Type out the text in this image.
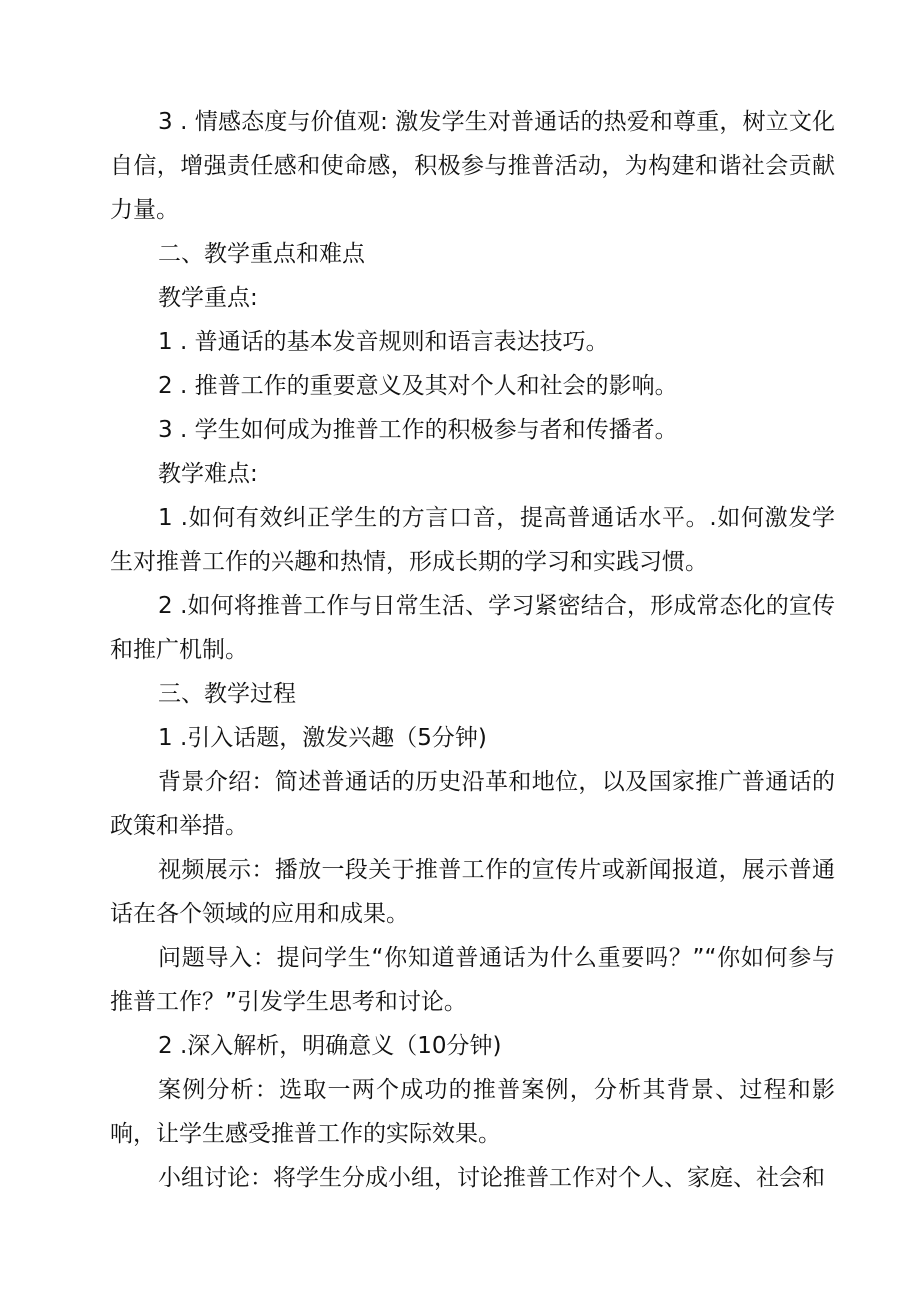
3 . 情感态度与价值观: 激发学生对普通话的热爱和尊重，树立文化自信，增强责任感和使命感，积极参与推普活动，为构建和谐社会贡献力量。

二、教学重点和难点

教学重点:

1 . 普通话的基本发音规则和语言表达技巧。

2 . 推普工作的重要意义及其对个人和社会的影响。

3 . 学生如何成为推普工作的积极参与者和传播者。

教学难点:

1 .如何有效纠正学生的方言口音，提高普通话水平。.如何激发学生对推普工作的兴趣和热情，形成长期的学习和实践习惯。

2 .如何将推普工作与日常生活、学习紧密结合，形成常态化的宣传和推广机制。

三、教学过程

1 .引入话题，激发兴趣（5分钟)

背景介绍：简述普通话的历史沿革和地位，以及国家推广普通话的政策和举措。

视频展示：播放一段关于推普工作的宣传片或新闻报道，展示普通话在各个领域的应用和成果。

问题导入：提问学生“你知道普通话为什么重要吗？”“你如何参与推普工作？”引发学生思考和讨论。

2 .深入解析，明确意义（10分钟)

案例分析：选取一两个成功的推普案例，分析其背景、过程和影响，让学生感受推普工作的实际效果。

小组讨论：将学生分成小组，讨论推普工作对个人、家庭、社会和
